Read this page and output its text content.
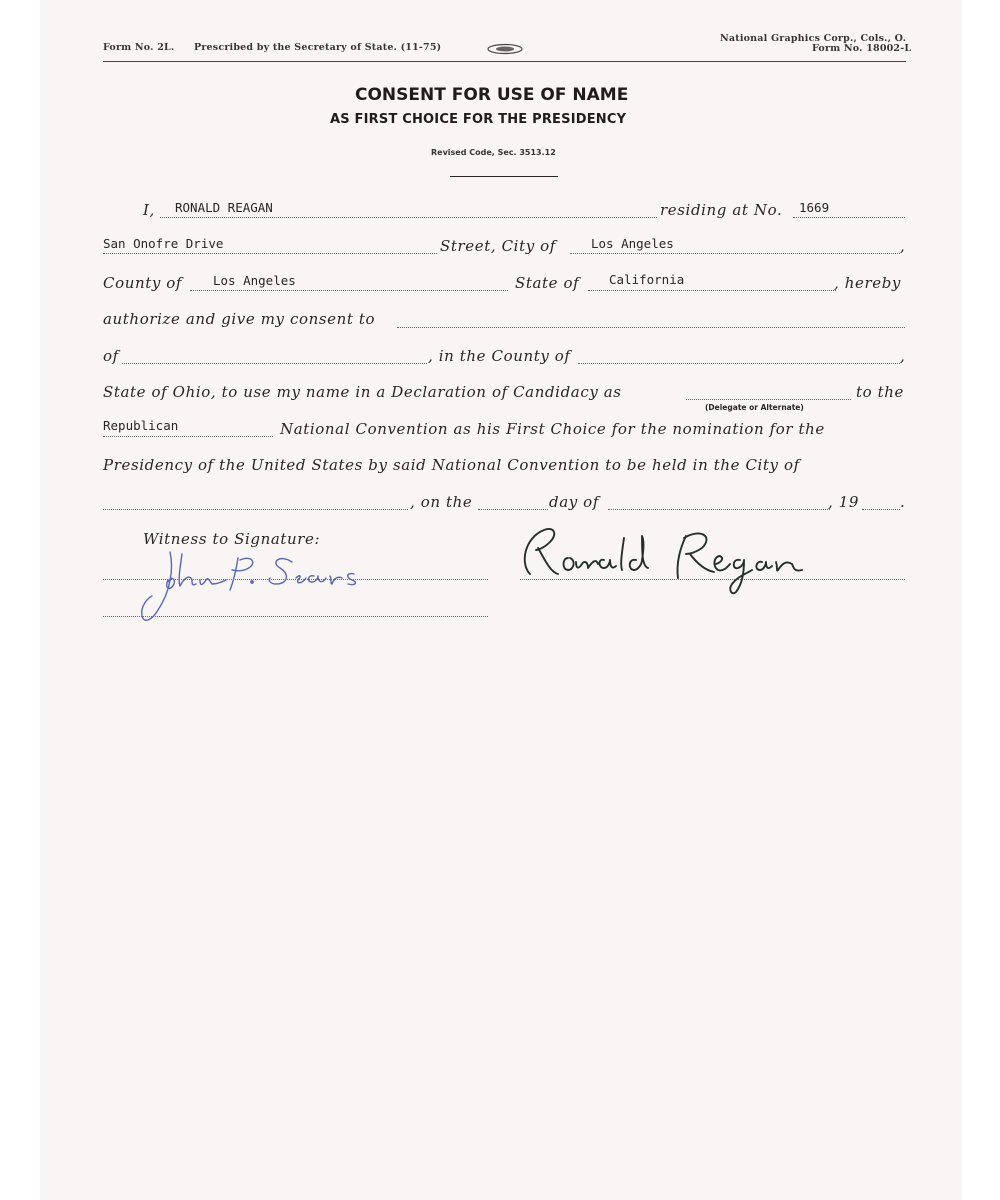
Form No. 2L. Prescribed by the Secretary of State. (11-75)
National Graphics Corp., Cols., O.
Form No. 18002-L
CONSENT FOR USE OF NAME
AS FIRST CHOICE FOR THE PRESIDENCY
Revised Code, Sec. 3513.12
I, RONALD REAGAN	residing at No. 1669
San Onofre Drive	Street, City of	Los Angeles	,
County of Los Angeles	State of California	, hereby
authorize and give my consent to
of	, in the County of	,
State of Ohio, to use my name in a Declaration of Candidacy as
(Delegate or Alternate)
to the
Republican	National Convention as his First Choice for the nomination for the
Presidency of the United States by said National Convention to be held in the City of
, on the	day of	, 19	.
Witness to Signature:
